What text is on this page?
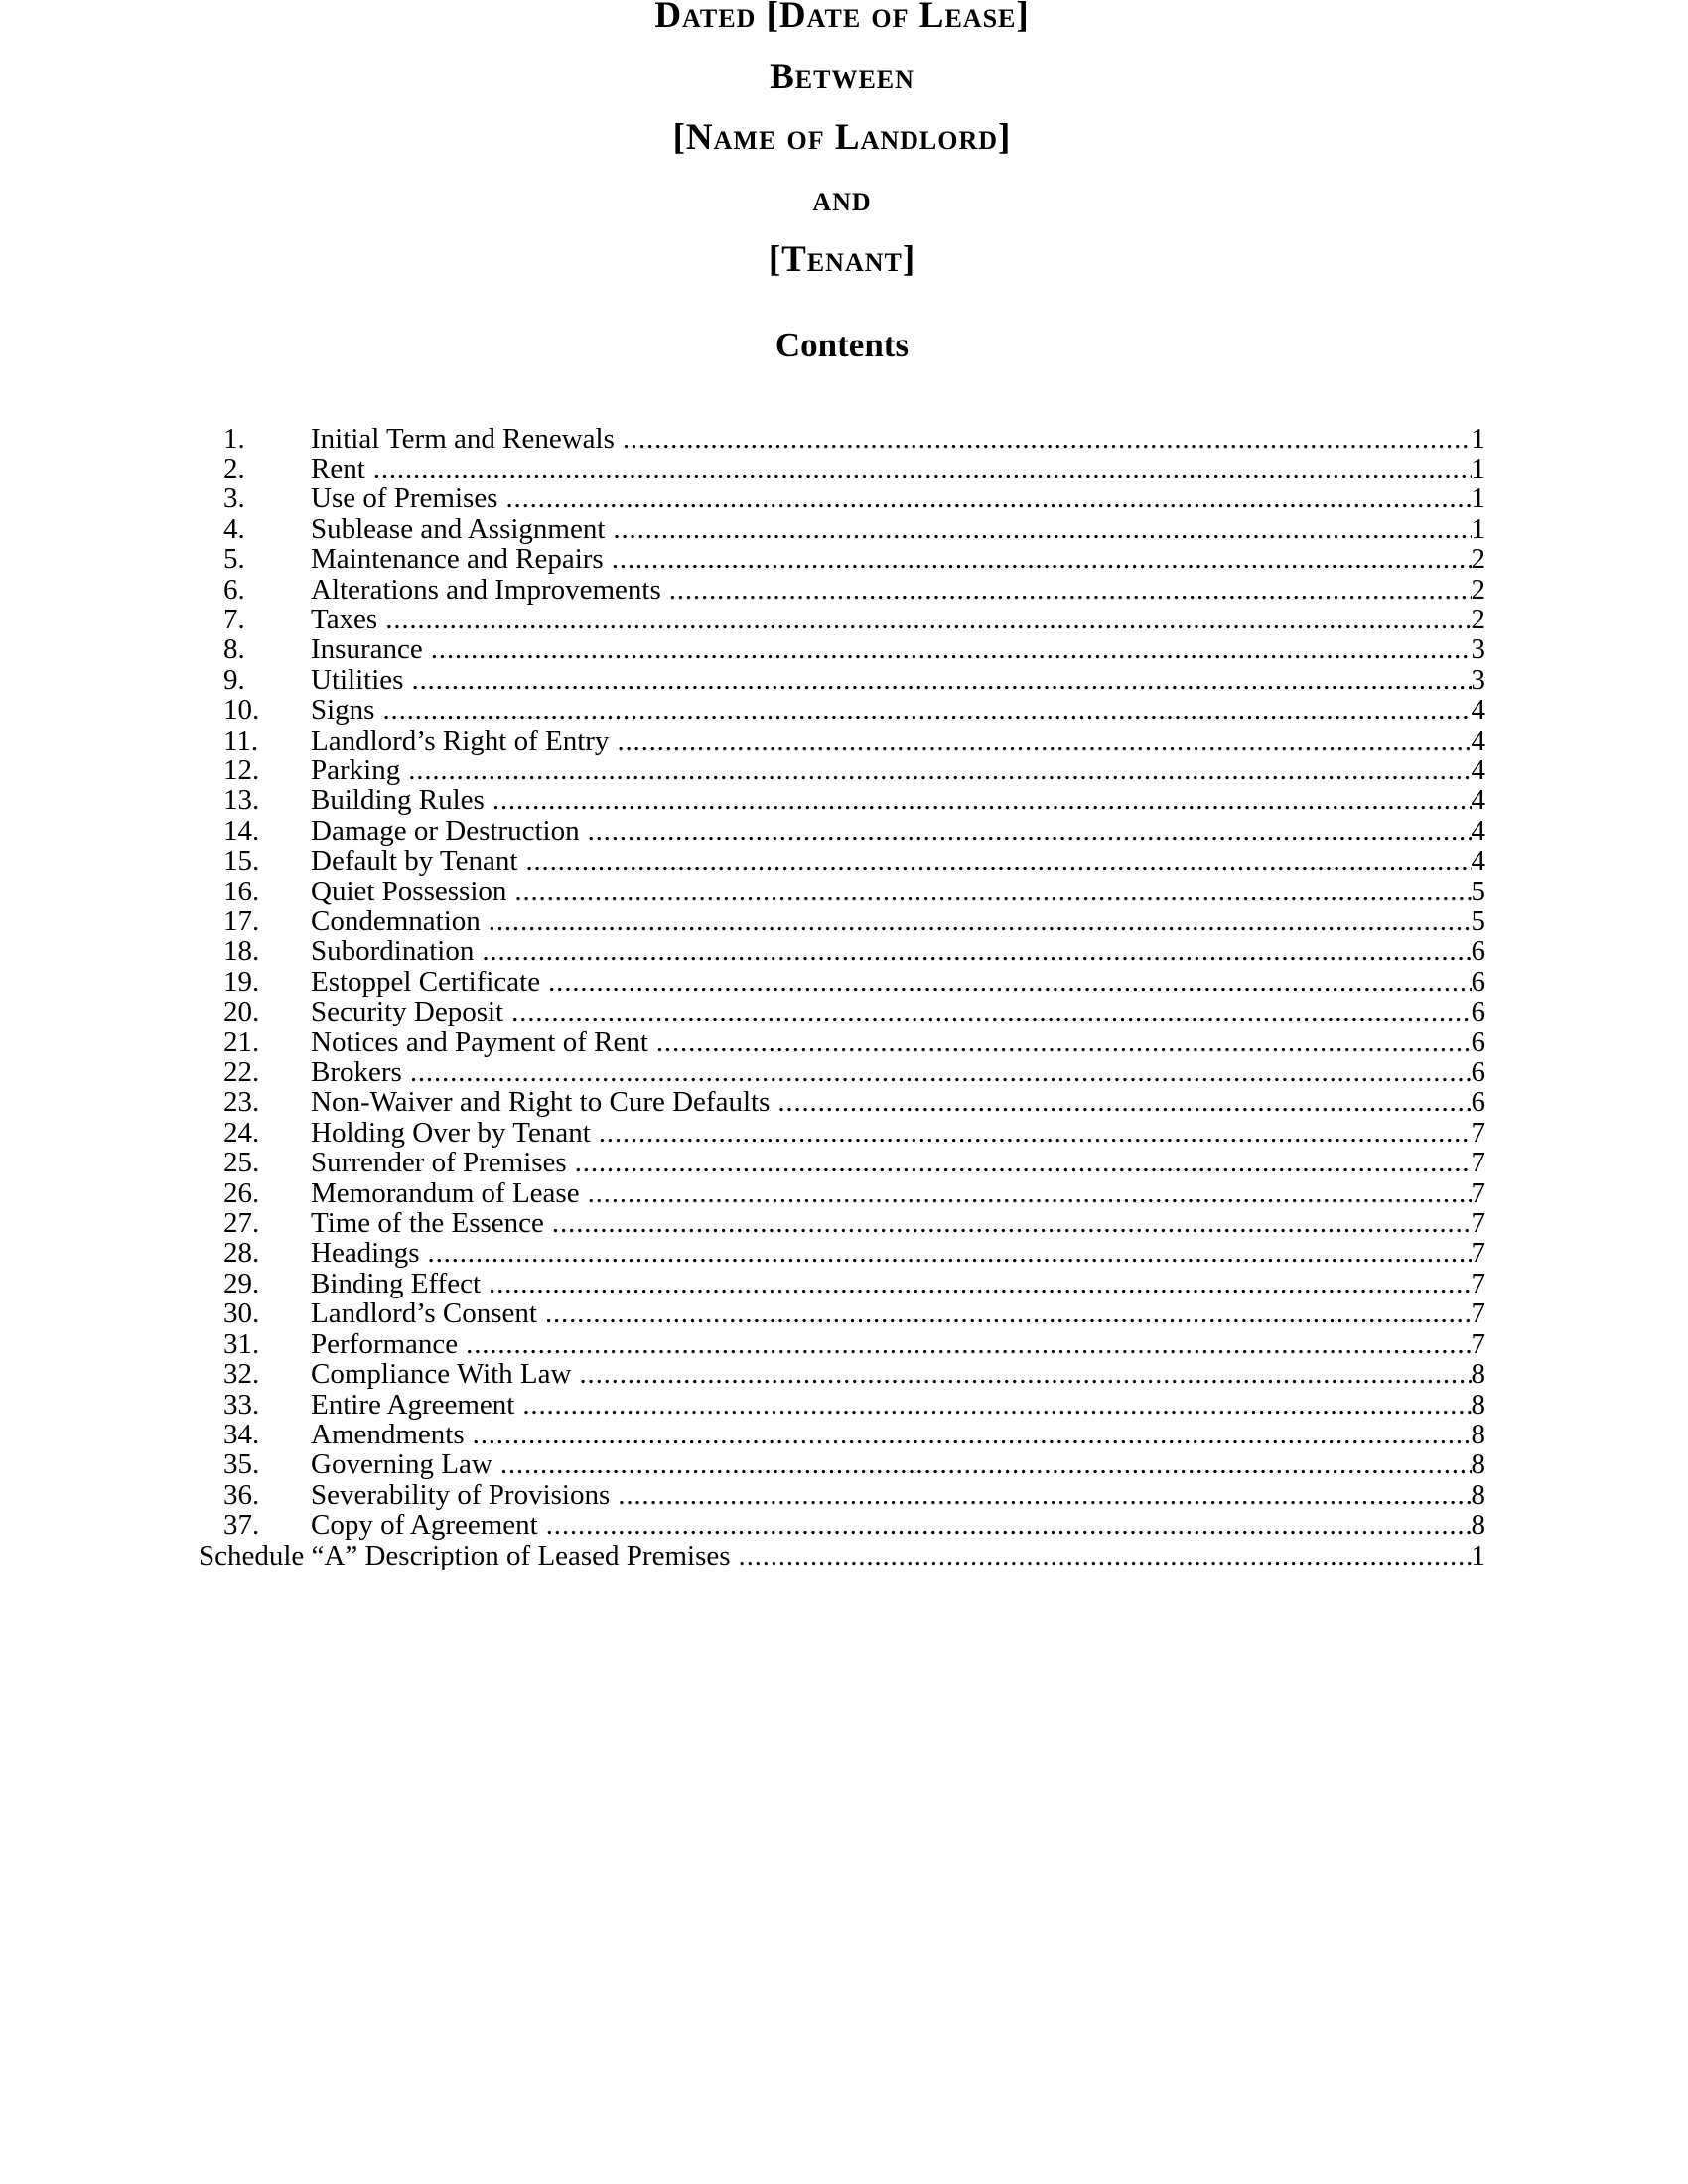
Dated [Date of Lease]
Between
[Name of Landlord]
and
[Tenant]
Contents
1.	Initial Term and Renewals .....	1
2.	Rent .....	1
3.	Use of Premises .....	1
4.	Sublease and Assignment .....	1
5.	Maintenance and Repairs .....	2
6.	Alterations and Improvements .....	2
7.	Taxes .....	2
8.	Insurance .....	3
9.	Utilities .....	3
10.	Signs .....	4
11.	Landlord’s Right of Entry .....	4
12.	Parking .....	4
13.	Building Rules .....	4
14.	Damage or Destruction .....	4
15.	Default by Tenant .....	4
16.	Quiet Possession .....	5
17.	Condemnation .....	5
18.	Subordination .....	6
19.	Estoppel Certificate .....	6
20.	Security Deposit .....	6
21.	Notices and Payment of Rent .....	6
22.	Brokers .....	6
23.	Non-Waiver and Right to Cure Defaults .....	6
24.	Holding Over by Tenant .....	7
25.	Surrender of Premises .....	7
26.	Memorandum of Lease .....	7
27.	Time of the Essence .....	7
28.	Headings .....	7
29.	Binding Effect .....	7
30.	Landlord’s Consent .....	7
31.	Performance .....	7
32.	Compliance With Law .....	8
33.	Entire Agreement .....	8
34.	Amendments .....	8
35.	Governing Law .....	8
36.	Severability of Provisions .....	8
37.	Copy of Agreement .....	8
Schedule “A” Description of Leased Premises .....	1
